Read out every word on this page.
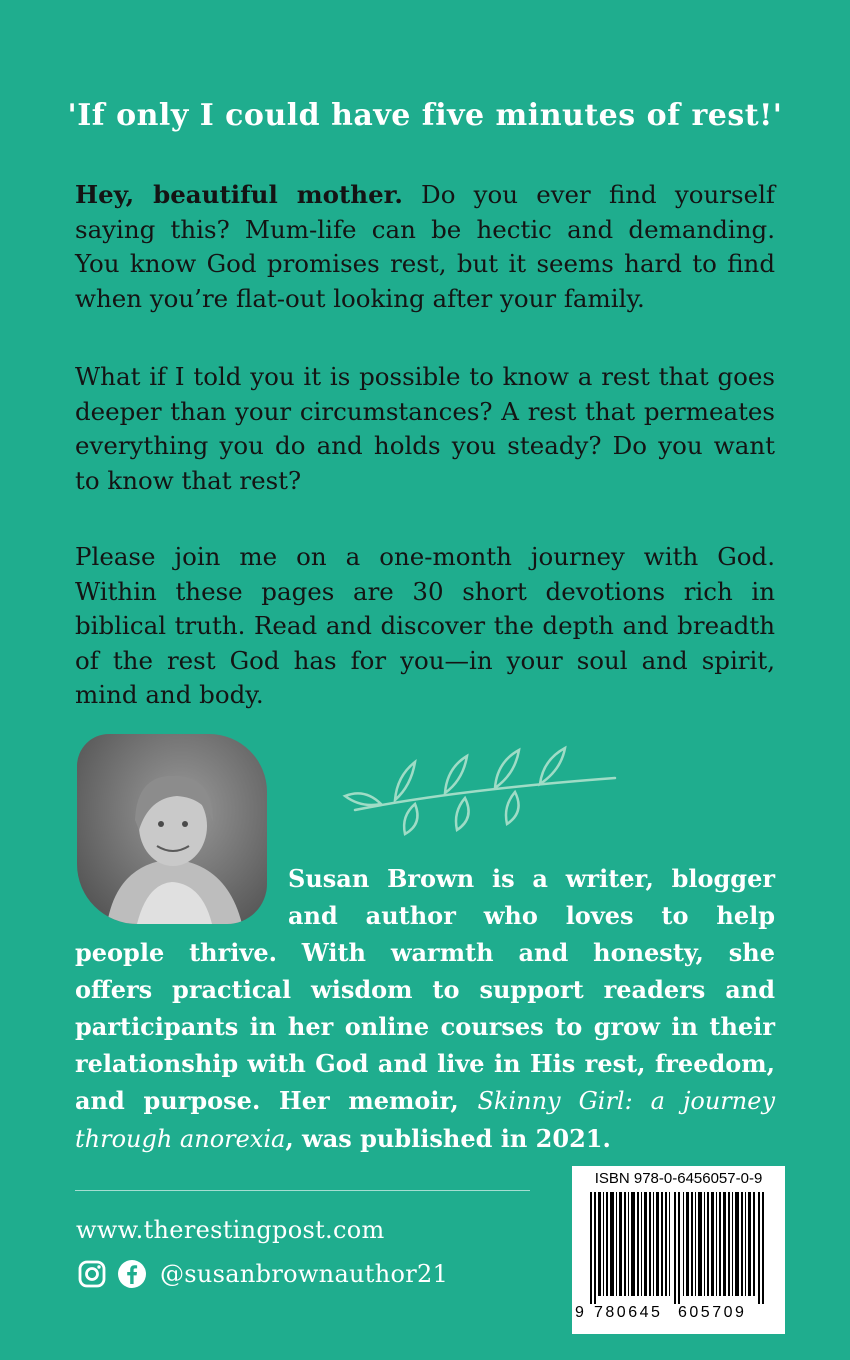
'If only I could have five minutes of rest!'
Hey, beautiful mother. Do you ever find yourself saying this? Mum-life can be hectic and demanding. You know God promises rest, but it seems hard to find when you’re flat-out looking after your family.
What if I told you it is possible to know a rest that goes deeper than your circumstances? A rest that permeates everything you do and holds you steady? Do you want to know that rest?
Please join me on a one-month journey with God. Within these pages are 30 short devotions rich in biblical truth. Read and discover the depth and breadth of the rest God has for you—in your soul and spirit, mind and body.
Susan Brown is a writer, blogger
and author who loves to help
people thrive. With warmth and honesty, she
offers practical wisdom to support readers and
participants in her online courses to grow in their
relationship with God and live in His rest, freedom,
and purpose. Her memoir, Skinny Girl: a journey
through anorexia, was published in 2021.
www.therestingpost.com
@susanbrownauthor21
ISBN 978-0-6456057-0-9
9 780645 605709
